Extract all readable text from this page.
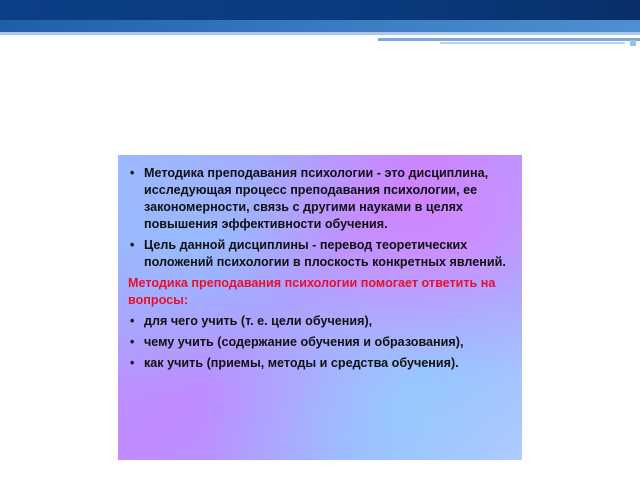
• Методика преподавания психологии - это дисциплина, исследующая процесс преподавания психологии, ее закономерности, связь с другими науками в целях повышения эффективности обучения.
• Цель данной дисциплины - перевод теоретических положений психологии в плоскость конкретных явлений.
Методика преподавания психологии помогает ответить на вопросы:
• для чего учить (т. е. цели обучения),
• чему учить (содержание обучения и образования),
• как учить (приемы, методы и средства обучения).
